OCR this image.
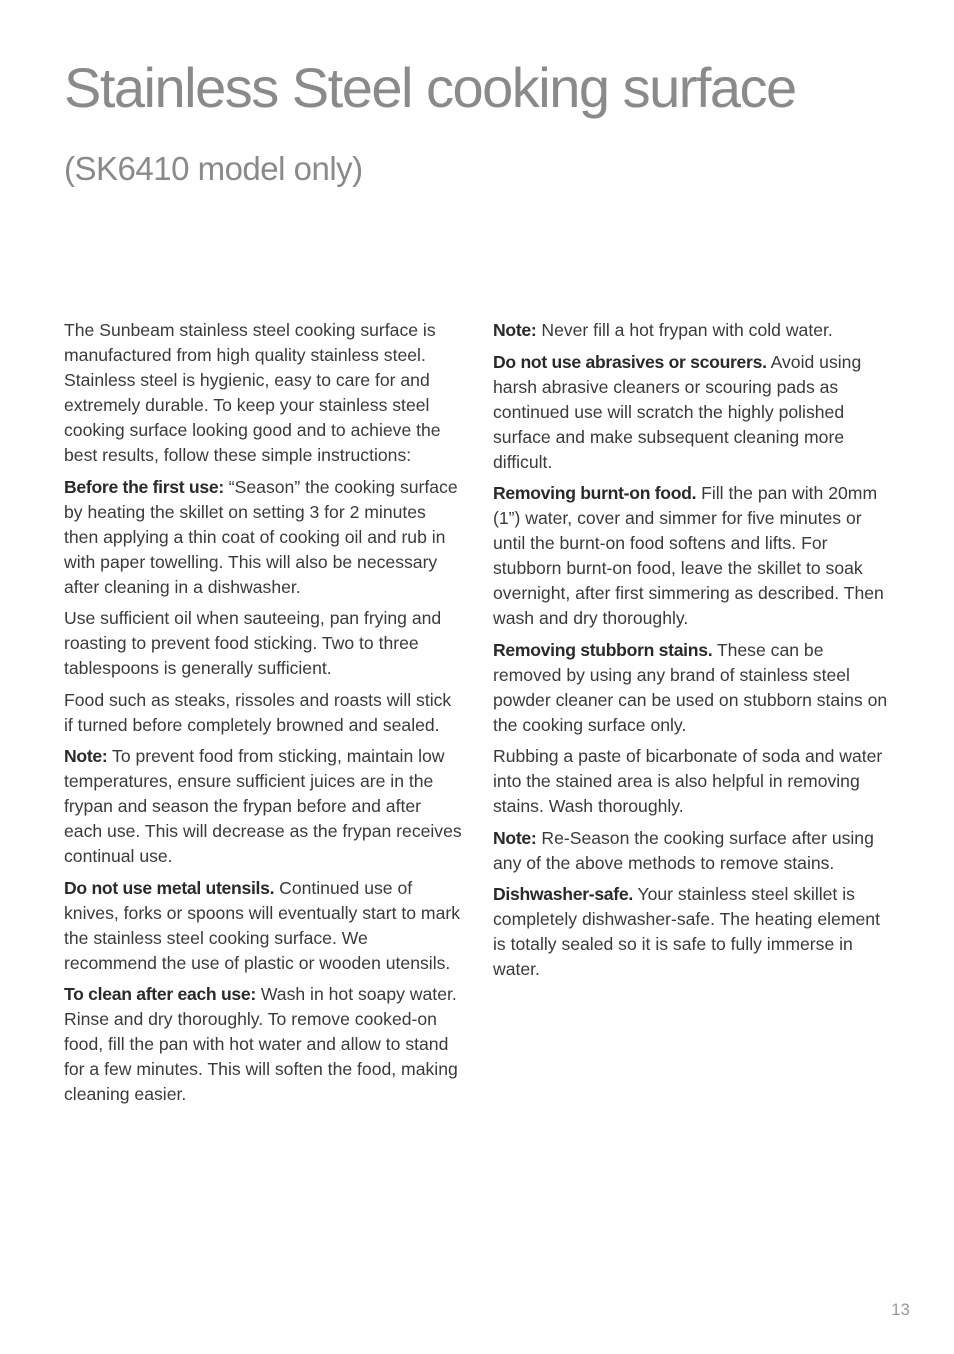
Stainless Steel cooking surface
(SK6410 model only)

The Sunbeam stainless steel cooking surface is manufactured from high quality stainless steel. Stainless steel is hygienic, easy to care for and extremely durable. To keep your stainless steel cooking surface looking good and to achieve the best results, follow these simple instructions:

Before the first use: “Season” the cooking surface by heating the skillet on setting 3 for 2 minutes then applying a thin coat of cooking oil and rub in with paper towelling. This will also be necessary after cleaning in a dishwasher.

Use sufficient oil when sauteeing, pan frying and roasting to prevent food sticking. Two to three tablespoons is generally sufficient.

Food such as steaks, rissoles and roasts will stick if turned before completely browned and sealed.

Note: To prevent food from sticking, maintain low temperatures, ensure sufficient juices are in the frypan and season the frypan before and after each use. This will decrease as the frypan receives continual use.

Do not use metal utensils. Continued use of knives, forks or spoons will eventually start to mark the stainless steel cooking surface. We recommend the use of plastic or wooden utensils.

To clean after each use: Wash in hot soapy water. Rinse and dry thoroughly. To remove cooked-on food, fill the pan with hot water and allow to stand for a few minutes. This will soften the food, making cleaning easier.

Note: Never fill a hot frypan with cold water.

Do not use abrasives or scourers. Avoid using harsh abrasive cleaners or scouring pads as continued use will scratch the highly polished surface and make subsequent cleaning more difficult.

Removing burnt-on food. Fill the pan with 20mm (1”) water, cover and simmer for five minutes or until the burnt-on food softens and lifts. For stubborn burnt-on food, leave the skillet to soak overnight, after first simmering as described. Then wash and dry thoroughly.

Removing stubborn stains. These can be removed by using any brand of stainless steel powder cleaner can be used on stubborn stains on the cooking surface only.

Rubbing a paste of bicarbonate of soda and water into the stained area is also helpful in removing stains. Wash thoroughly.

Note: Re-Season the cooking surface after using any of the above methods to remove stains.

Dishwasher-safe. Your stainless steel skillet is completely dishwasher-safe. The heating element is totally sealed so it is safe to fully immerse in water.

13
